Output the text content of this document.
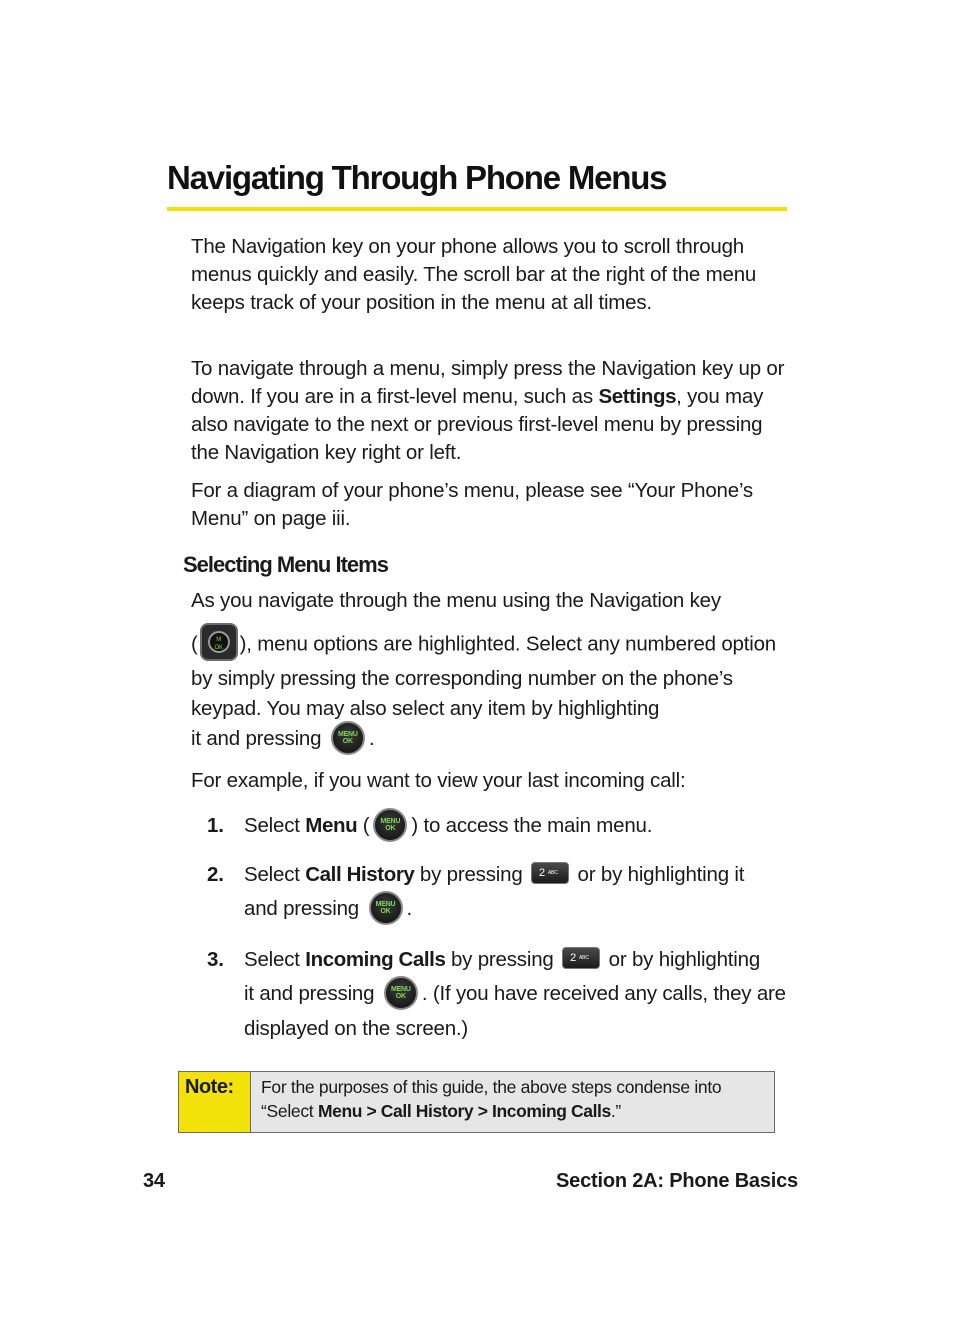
Navigating Through Phone Menus

The Navigation key on your phone allows you to scroll through menus quickly and easily. The scroll bar at the right of the menu keeps track of your position in the menu at all times.

To navigate through a menu, simply press the Navigation key up or down. If you are in a first-level menu, such as Settings, you may also navigate to the next or previous first-level menu by pressing the Navigation key right or left.

For a diagram of your phone’s menu, please see “Your Phone’s Menu” on page iii.

Selecting Menu Items

As you navigate through the menu using the Navigation key

(	M
OK ), menu options are highlighted. Select any numbered option by simply pressing the corresponding number on the phone’s keypad. You may also select any item by highlighting

it and pressing	MENU
OK .

For example, if you want to view your last incoming call:

1. Select Menu (	MENU
OK ) to access the main menu.
2. Select Call History by pressing 2 ABC or by highlighting it
and pressing	MENU
OK .
3. Select Incoming Calls by pressing 2 ABC or by highlighting
it and pressing	MENU
OK . (If you have received any calls, they are displayed on the screen.)
Note:	For the purposes of this guide, the above steps condense into “Select Menu > Call History > Incoming Calls.”
34	Section 2A: Phone Basics
